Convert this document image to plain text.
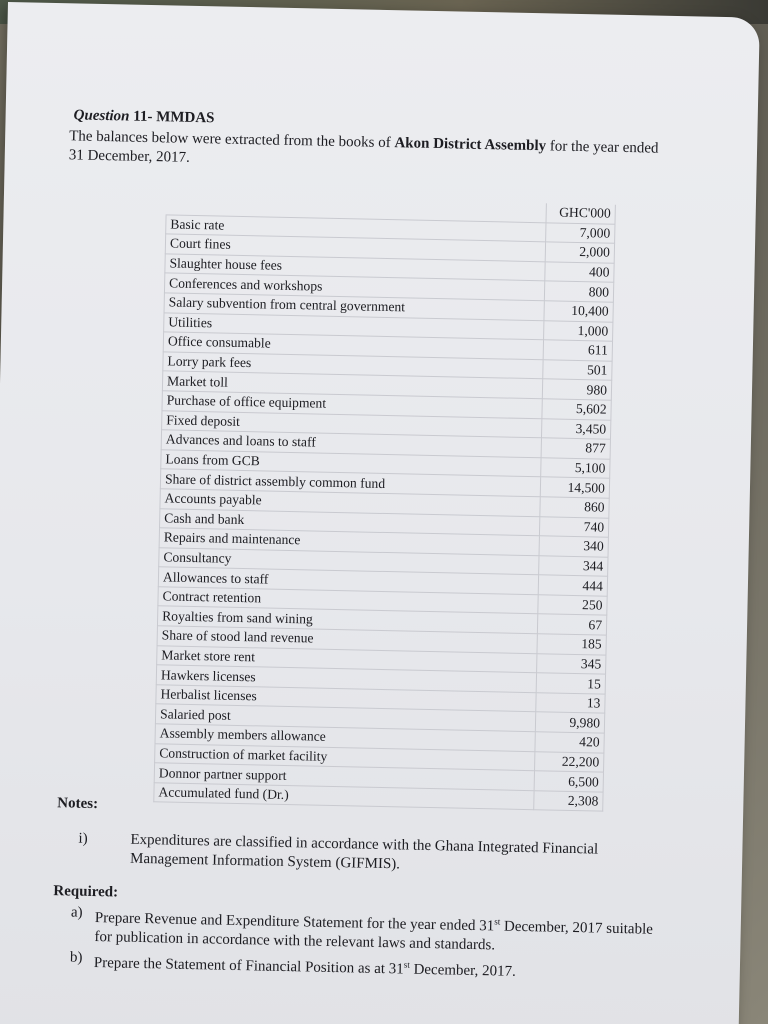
Question 11- MMDAS
The balances below were extracted from the books of Akon District Assembly for the year ended 31 December, 2017.
	GHC'000
Basic rate	7,000
Court fines	2,000
Slaughter house fees	400
Conferences and workshops	800
Salary subvention from central government	10,400
Utilities	1,000
Office consumable	611
Lorry park fees	501
Market toll	980
Purchase of office equipment	5,602
Fixed deposit	3,450
Advances and loans to staff	877
Loans from GCB	5,100
Share of district assembly common fund	14,500
Accounts payable	860
Cash and bank	740
Repairs and maintenance	340
Consultancy	344
Allowances to staff	444
Contract retention	250
Royalties from sand wining	67
Share of stood land revenue	185
Market store rent	345
Hawkers licenses	15
Herbalist licenses	13
Salaried post	9,980
Assembly members allowance	420
Construction of market facility	22,200
Donnor partner support	6,500
Accumulated fund (Dr.)	2,308
Notes:
i)	Expenditures are classified in accordance with the Ghana Integrated Financial Management Information System (GIFMIS).
Required:
a) Prepare Revenue and Expenditure Statement for the year ended 31st December, 2017 suitable for publication in accordance with the relevant laws and standards.
b) Prepare the Statement of Financial Position as at 31st December, 2017.
